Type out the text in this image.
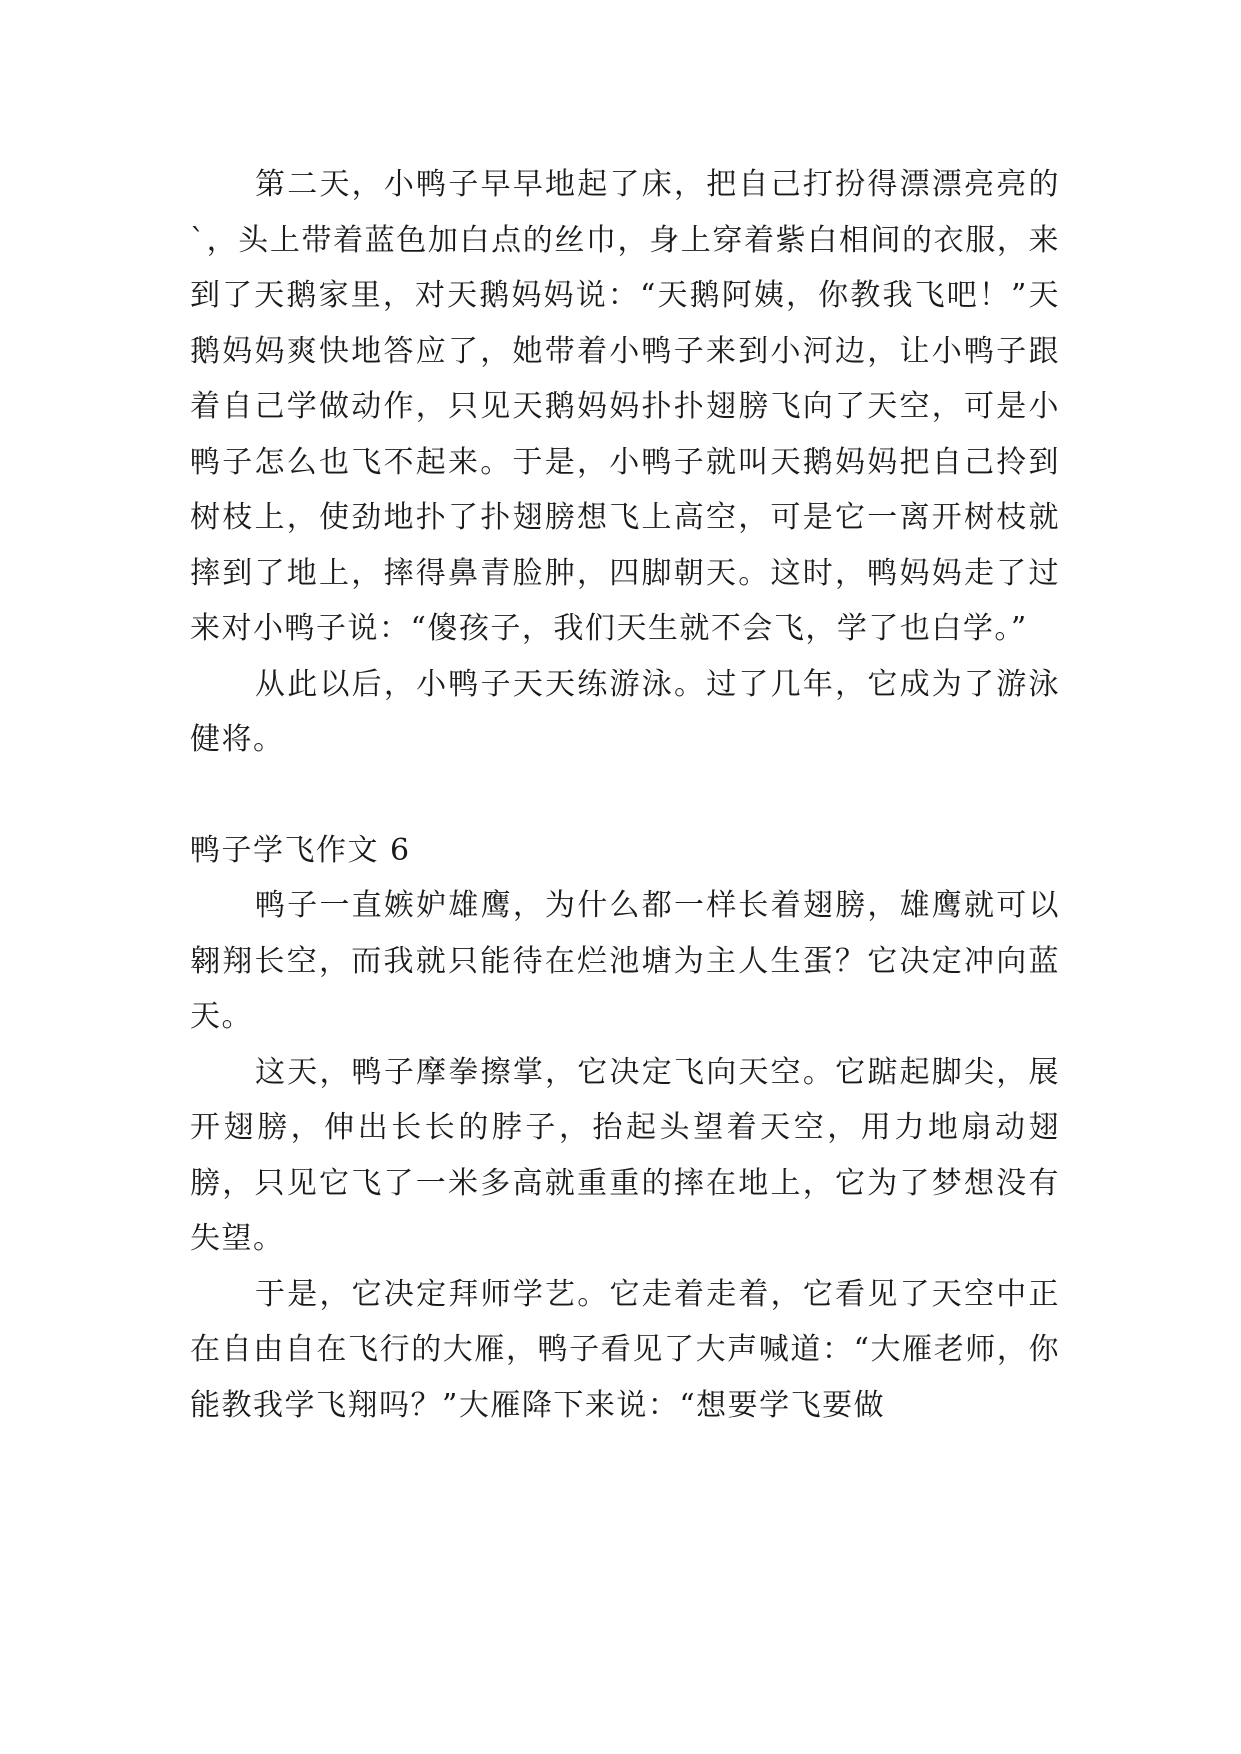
第二天，小鸭子早早地起了床，把自己打扮得漂漂亮亮的`，头上带着蓝色加白点的丝巾，身上穿着紫白相间的衣服，来到了天鹅家里，对天鹅妈妈说：“天鹅阿姨，你教我飞吧！”天鹅妈妈爽快地答应了，她带着小鸭子来到小河边，让小鸭子跟着自己学做动作，只见天鹅妈妈扑扑翅膀飞向了天空，可是小鸭子怎么也飞不起来。于是，小鸭子就叫天鹅妈妈把自己拎到树枝上，使劲地扑了扑翅膀想飞上高空，可是它一离开树枝就摔到了地上，摔得鼻青脸肿，四脚朝天。这时，鸭妈妈走了过来对小鸭子说：“傻孩子，我们天生就不会飞，学了也白学。”

从此以后，小鸭子天天练游泳。过了几年，它成为了游泳健将。

鸭子学飞作文 6

鸭子一直嫉妒雄鹰，为什么都一样长着翅膀，雄鹰就可以翱翔长空，而我就只能待在烂池塘为主人生蛋？它决定冲向蓝天。

这天，鸭子摩拳擦掌，它决定飞向天空。它踮起脚尖，展开翅膀，伸出长长的脖子，抬起头望着天空，用力地扇动翅膀，只见它飞了一米多高就重重的摔在地上，它为了梦想没有失望。

于是，它决定拜师学艺。它走着走着，它看见了天空中正在自由自在飞行的大雁，鸭子看见了大声喊道：“大雁老师，你能教我学飞翔吗？”大雁降下来说：“想要学飞要做
